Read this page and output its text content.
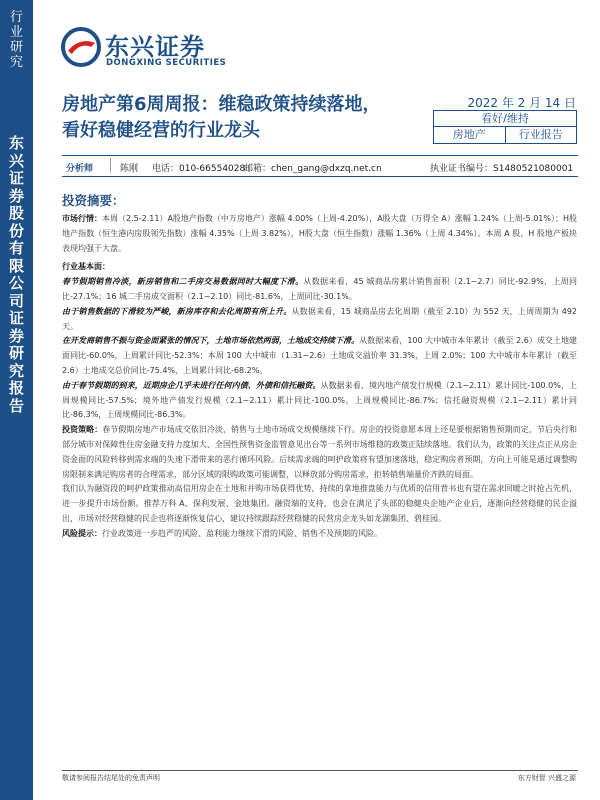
行
业
研
究
东
兴
证
券
股
份
有
限
公
司
证
券
研
究
报
告
东兴证券
DONGXING SECURITIES
房地产第6周周报：维稳政策持续落地，
看好稳健经营的行业龙头
2022 年 2 月 14 日
看好/维持
房地产	行业报告
分析师	陈刚 电话：010-66554028
邮箱：chen_gang@dxzq.net.cn	执业证书编号：S1480521080001
投资摘要：

市场行情：本周（2.5-2.11）A股地产指数（中万房地产）涨幅 4.00%（上周-4.20%），A股大盘（万得全 A）涨幅 1.24%（上周-5.01%）；H股地产指数（恒生港内房股领先指数）涨幅 4.35%（上周 3.82%），H股大盘（恒生指数）涨幅 1.36%（上周 4.34%）。本周 A 股、H 股地产板块表现均强于大盘。

行业基本面：

春节假期销售冷淡，新房销售和二手房交易数据同时大幅度下滑。从数据来看，45 城商品房累计销售面积（2.1~2.7）同比-92.9%，上周同比-27.1%；16 城二手房成交面积（2.1~2.10）同比-81.6%，上周同比-30.1%。

由于销售数据的下滑较为严峻，新房库存和去化周期有所上升。从数据来看，15 城商品房去化周期（截至 2.10）为 552 天，上周周期为 492 天。

在开发商销售不振与资金面紧张的情况下，土地市场依然两弱，土地成交持续下滑。从数据来看，100 大中城市本年累计（截至 2.6）成交土地建面同比-60.0%，上周累计同比-52.3%；本周 100 大中城市（1.31~2.6）土地成交溢价率 31.3%，上周 2.0%；100 大中城市本年累计（截至 2.6）土地成交总价同比-75.4%，上周累计同比-68.2%。

由于春节假期的到来，近期房企几乎未进行任何内债、外债和信托融资。从数据来看，境内地产债发行规模（2.1~2.11）累计同比-100.0%，上周规模同比-57.5%；境外地产债发行规模（2.1~2.11）累计同比-100.0%，上周规模同比-86.7%；信托融资规模（2.1~2.11）累计同比-86.3%，上周规模同比-86.3%。

投资策略：春节假期房地产市场成交依旧冷淡，销售与土地市场成交规模继续下行。房企的投资意愿本周上还是要根据销售预期而定，节后央行和部分城市对保障性住房金融支持力度加大、全国性预售资金监管意见出台等一系列市场维稳的政策正陆续落地。我们认为，政策的关注点正从房企资金面的风险转移到需求端的失速下滑带来的恶行循环风险。后续需求端的呵护政策将有望加速落地，稳定购房者预期，方向上可能是通过调整购房限制来满足购房者的合理需求，部分区域的限购政策可能调整，以释放部分购房需求，拒转销售端量价齐跌的局面。

我们认为融资段的呵护政策推动高信用房企在土地和并购市场获得优势，持续的拿地推盘能力与优质的信用背书也有望在需求回暖之时抢占先机，进一步提升市场份额。推荐万科 A、保利发展、金地集团。融资端的支持，也会在满足了头部的稳健央企地产企业后，逐渐向经营稳健的民企溢出，市场对经营稳健的民企也将逐渐恢复信心，建议持续跟踪经营稳健的民营房企龙头如龙湖集团、碧桂园。

风险提示：行业政策进一步趋严的风险、盈利能力继续下滑的风险、销售不及预期的风险。

敬请参阅报告结尾处的免责声明	东方财智 兴盛之源
